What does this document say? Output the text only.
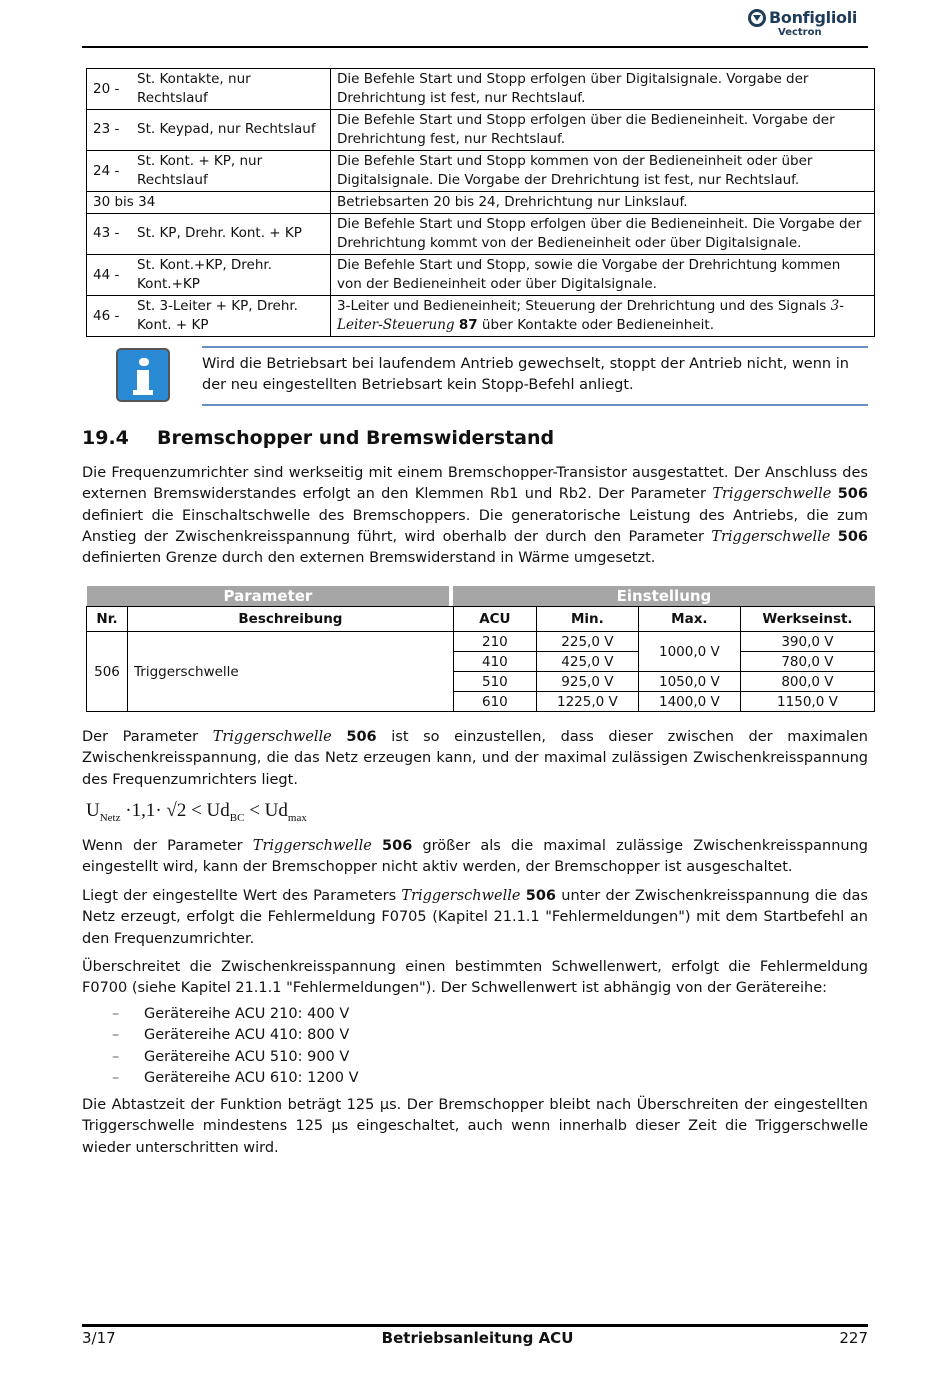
Bonfiglioli
Vectron
20 -St. Kontakte, nur Rechtslauf	Die Befehle Start und Stopp erfolgen über Digitalsignale. Vorgabe der Drehrichtung ist fest, nur Rechtslauf.
23 - St. Keypad, nur Rechtslauf	Die Befehle Start und Stopp erfolgen über die Bedieneinheit. Vorgabe der Drehrichtung fest, nur Rechtslauf.
24 -St. Kont. + KP, nur Rechtslauf	Die Befehle Start und Stopp kommen von der Bedieneinheit oder über Digitalsignale. Die Vorgabe der Drehrichtung ist fest, nur Rechtslauf.
30 bis 34	Betriebsarten 20 bis 24, Drehrichtung nur Linkslauf.
43 - St. KP, Drehr. Kont. + KP	Die Befehle Start und Stopp erfolgen über die Bedieneinheit. Die Vorgabe der Drehrichtung kommt von der Bedieneinheit oder über Digitalsignale.
44 -St. Kont.+KP, Drehr. Kont.+KP	Die Befehle Start und Stopp, sowie die Vorgabe der Drehrichtung kommen von der Bedieneinheit oder über Digitalsignale.
46 -St. 3-Leiter + KP, Drehr. Kont. + KP	3-Leiter und Bedieneinheit; Steuerung der Drehrichtung und des Signals 3-Leiter-Steuerung 87 über Kontakte oder Bedieneinheit.
Wird die Betriebsart bei laufendem Antrieb gewechselt, stoppt der Antrieb nicht, wenn in der neu eingestellten Betriebsart kein Stopp-Befehl anliegt.
19.4 Bremschopper und Bremswiderstand

Die Frequenzumrichter sind werkseitig mit einem Bremschopper-Transistor ausgestattet. Der Anschluss des externen Bremswiderstandes erfolgt an den Klemmen Rb1 und Rb2. Der Parameter Triggerschwelle 506 definiert die Einschaltschwelle des Bremschoppers. Die generatorische Leistung des Antriebs, die zum Anstieg der Zwischenkreisspannung führt, wird oberhalb der durch den Parameter Triggerschwelle 506 definierten Grenze durch den externen Bremswiderstand in Wärme umgesetzt.

Parameter			Einstellung			
Nr.	Beschreibung		ACU	Min.	Max.	Werkseinst.
506	Triggerschwelle		210	225,0 V	1000,0 V	390,0 V
			410	425,0 V		780,0 V
			510	925,0 V	1050,0 V	800,0 V
			610	1225,0 V	1400,0 V	1150,0 V

Der Parameter Triggerschwelle 506 ist so einzustellen, dass dieser zwischen der maximalen Zwischenkreisspannung, die das Netz erzeugen kann, und der maximal zulässigen Zwischenkreisspannung des Frequenzumrichters liegt.

$U_{Netz} \cdot 1,1\cdot √2 < Ud_{BC} < Ud_{max}$

Wenn der Parameter Triggerschwelle 506 größer als die maximal zulässige Zwischenkreisspannung eingestellt wird, kann der Bremschopper nicht aktiv werden, der Bremschopper ist ausgeschaltet.

Liegt der eingestellte Wert des Parameters Triggerschwelle 506 unter der Zwischenkreisspannung die das Netz erzeugt, erfolgt die Fehlermeldung F0705 (Kapitel 21.1.1 "Fehlermeldungen") mit dem Startbefehl an den Frequenzumrichter.

Überschreitet die Zwischenkreisspannung einen bestimmten Schwellenwert, erfolgt die Fehlermeldung F0700 (siehe Kapitel 21.1.1 "Fehlermeldungen"). Der Schwellenwert ist abhängig von der Gerätereihe:

–	Gerätereihe ACU 210: 400 V
–	Gerätereihe ACU 410: 800 V
–	Gerätereihe ACU 510: 900 V
–	Gerätereihe ACU 610: 1200 V

Die Abtastzeit der Funktion beträgt 125 µs. Der Bremschopper bleibt nach Überschreiten der eingestellten Triggerschwelle mindestens 125 µs eingeschaltet, auch wenn innerhalb dieser Zeit die Triggerschwelle wieder unterschritten wird.

3/17	Betriebsanleitung ACU	227
